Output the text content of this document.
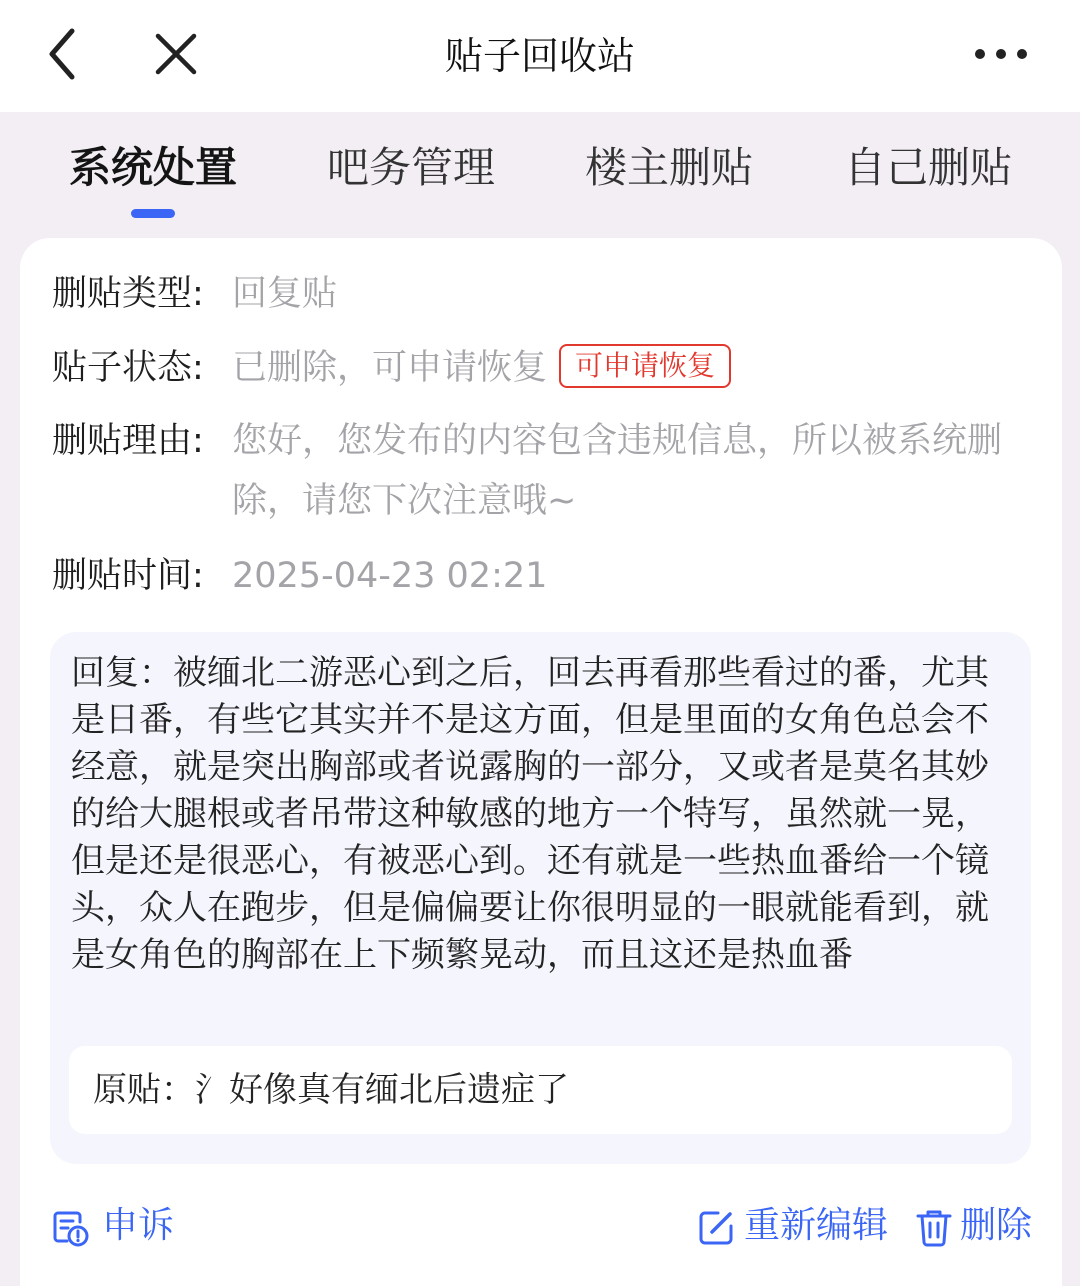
贴子回收站
系统处置	吧务管理	楼主删贴	自己删贴
删贴类型: 回复贴
贴子状态: 已删除，可申请恢复 可申请恢复
删贴理由: 您好，您发布的内容包含违规信息，所以被系统删除，请您下次注意哦~
删贴时间: 2025-04-23 02:21
回复：被缅北二游恶心到之后，回去再看那些看过的番，尤其是日番，有些它其实并不是这方面，但是里面的女角色总会不经意，就是突出胸部或者说露胸的一部分，又或者是莫名其妙的给大腿根或者吊带这种敏感的地方一个特写，虽然就一晃，但是还是很恶心，有被恶心到。还有就是一些热血番给一个镜头，众人在跑步，但是偏偏要让你很明显的一眼就能看到，就是女角色的胸部在上下频繁晃动，而且这还是热血番
原贴：氵好像真有缅北后遗症了
申诉	重新编辑 删除
